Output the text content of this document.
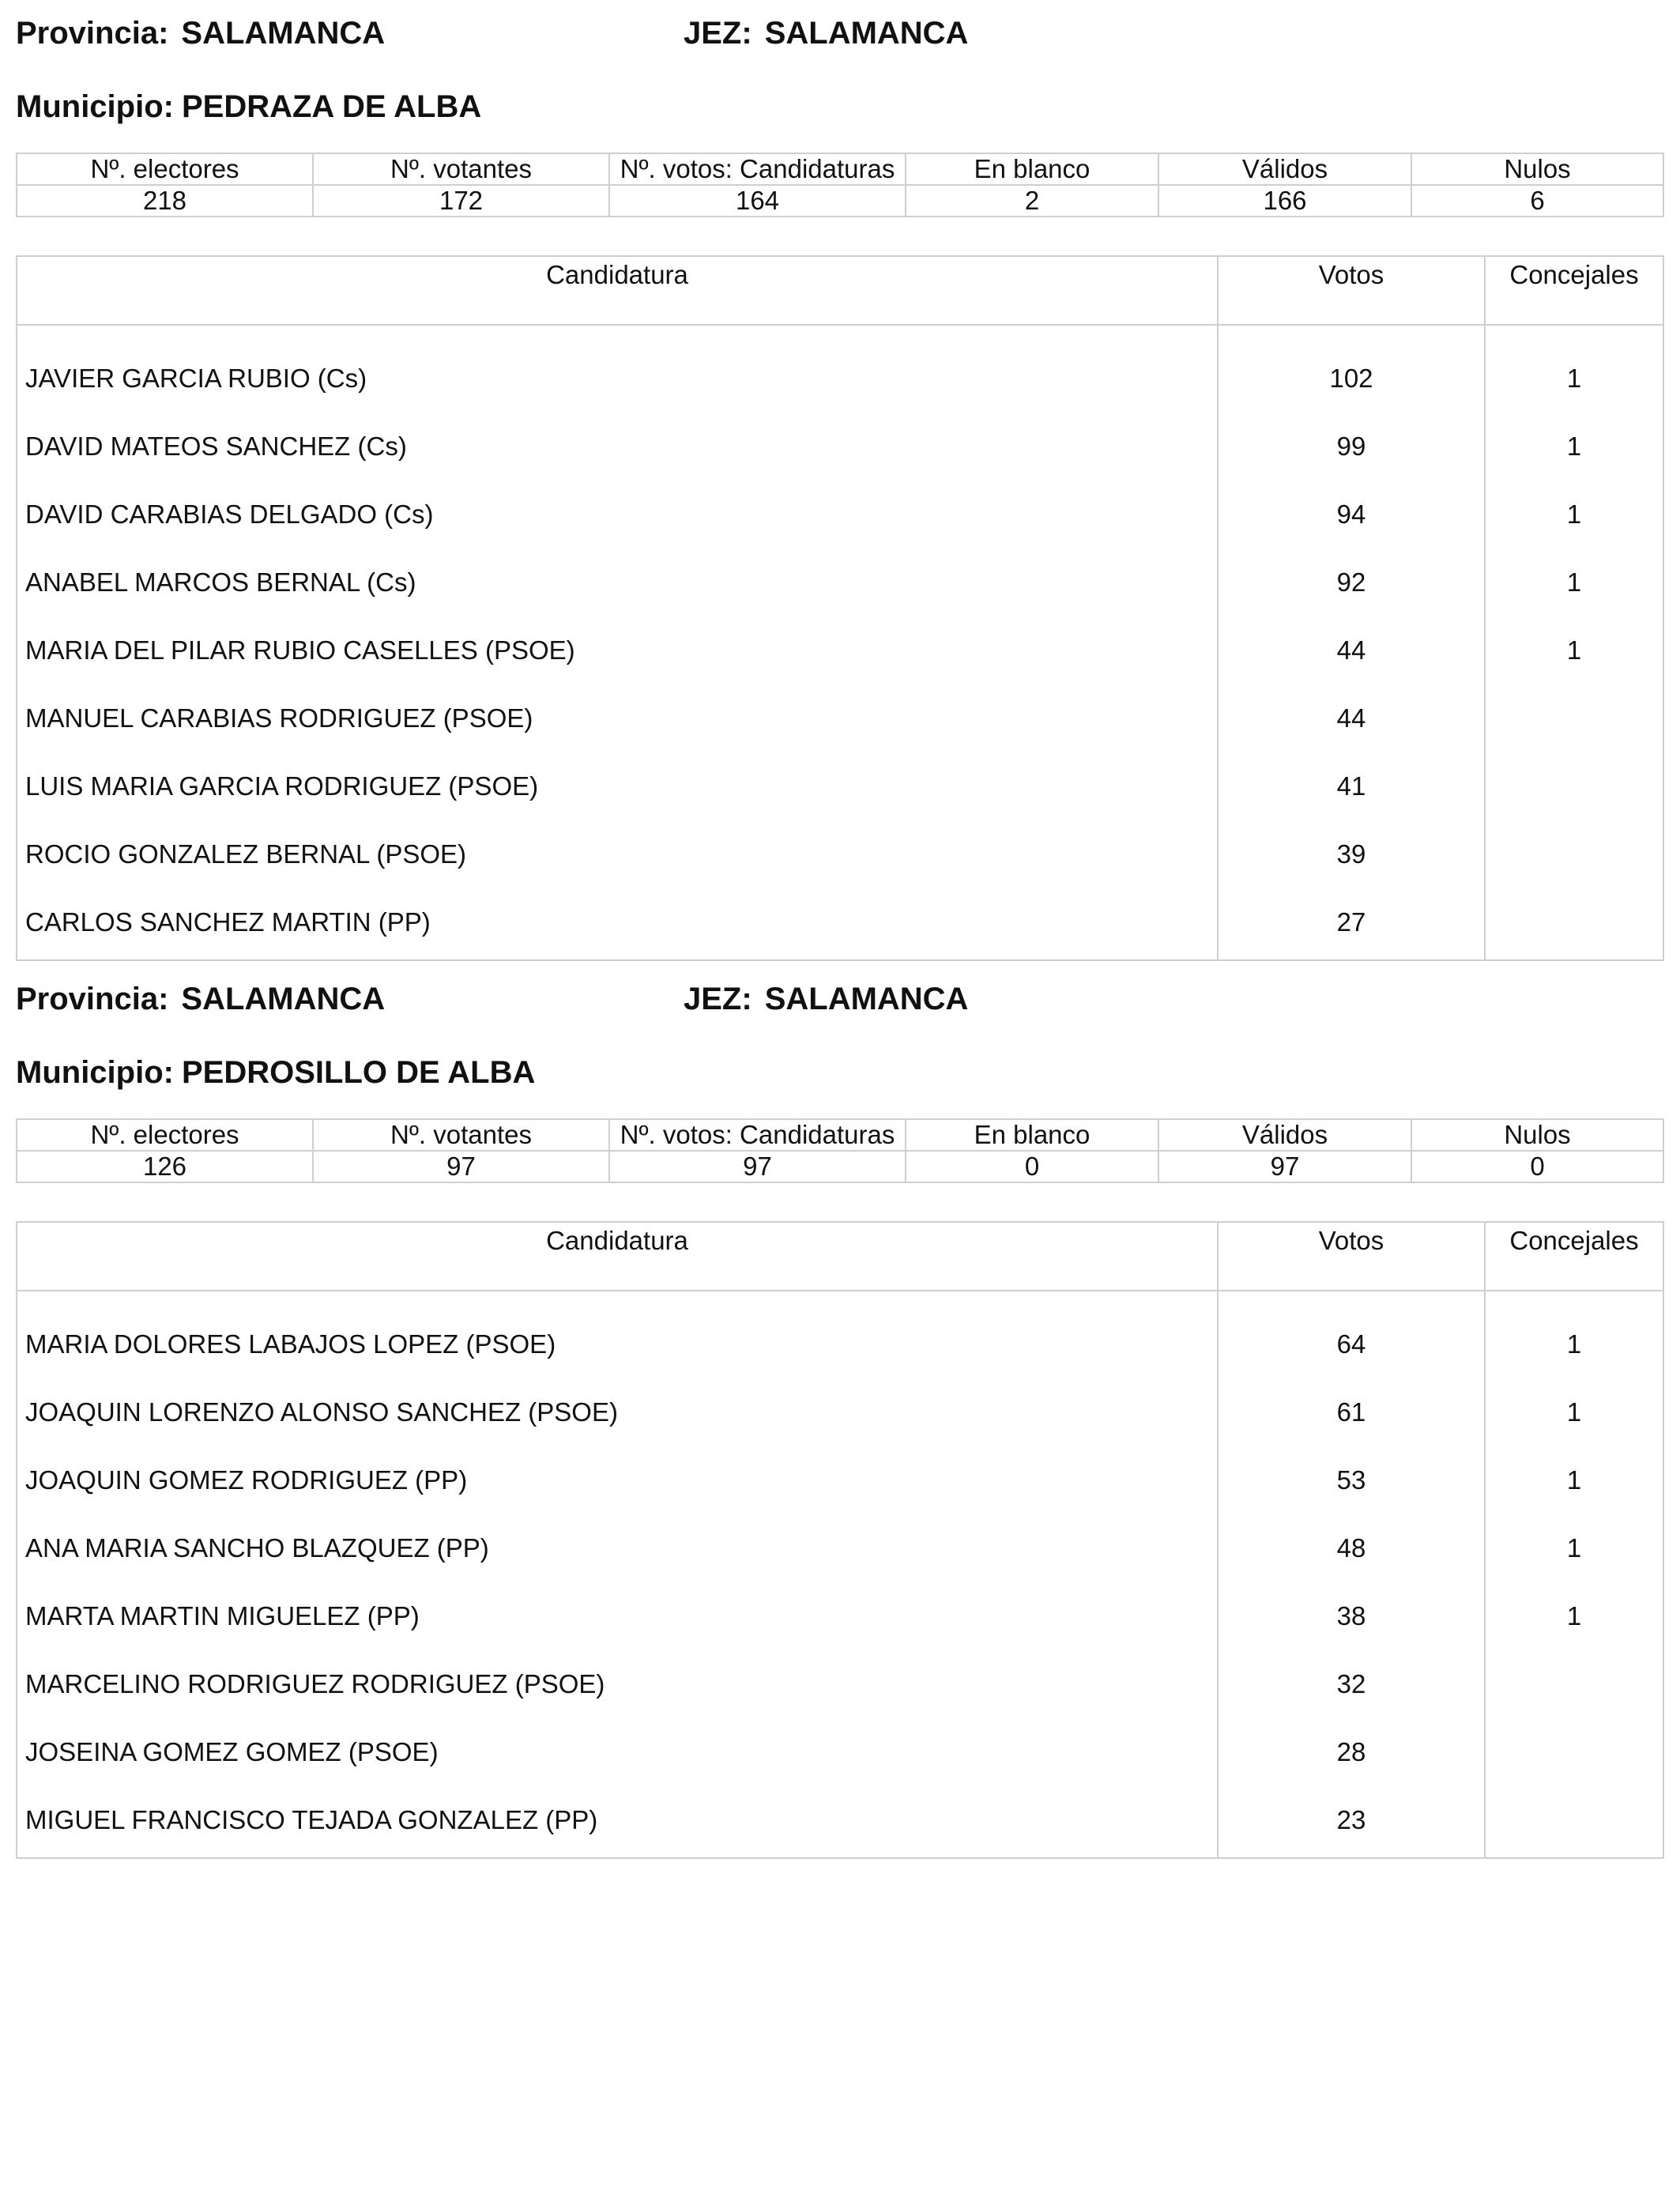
Provincia: SALAMANCA	JEZ: SALAMANCA
Municipio: PEDRAZA DE ALBA
Nº. electores	Nº. votantes	Nº. votos: Candidaturas	En blanco	Válidos	Nulos
218	172	164	2	166	6
Candidatura	Votos	Concejales
JAVIER GARCIA RUBIO (Cs)	102	1
DAVID MATEOS SANCHEZ (Cs)	99	1
DAVID CARABIAS DELGADO (Cs)	94	1
ANABEL MARCOS BERNAL (Cs)	92	1
MARIA DEL PILAR RUBIO CASELLES (PSOE)	44	1
MANUEL CARABIAS RODRIGUEZ (PSOE)	44	
LUIS MARIA GARCIA RODRIGUEZ (PSOE)	41	
ROCIO GONZALEZ BERNAL (PSOE)	39	
CARLOS SANCHEZ MARTIN (PP)	27	
Provincia: SALAMANCA	JEZ: SALAMANCA
Municipio: PEDROSILLO DE ALBA
Nº. electores	Nº. votantes	Nº. votos: Candidaturas	En blanco	Válidos	Nulos
126	97	97	0	97	0
Candidatura	Votos	Concejales
MARIA DOLORES LABAJOS LOPEZ (PSOE)	64	1
JOAQUIN LORENZO ALONSO SANCHEZ (PSOE)	61	1
JOAQUIN GOMEZ RODRIGUEZ (PP)	53	1
ANA MARIA SANCHO BLAZQUEZ (PP)	48	1
MARTA MARTIN MIGUELEZ (PP)	38	1
MARCELINO RODRIGUEZ RODRIGUEZ (PSOE)	32	
JOSEINA GOMEZ GOMEZ (PSOE)	28	
MIGUEL FRANCISCO TEJADA GONZALEZ (PP)	23	
